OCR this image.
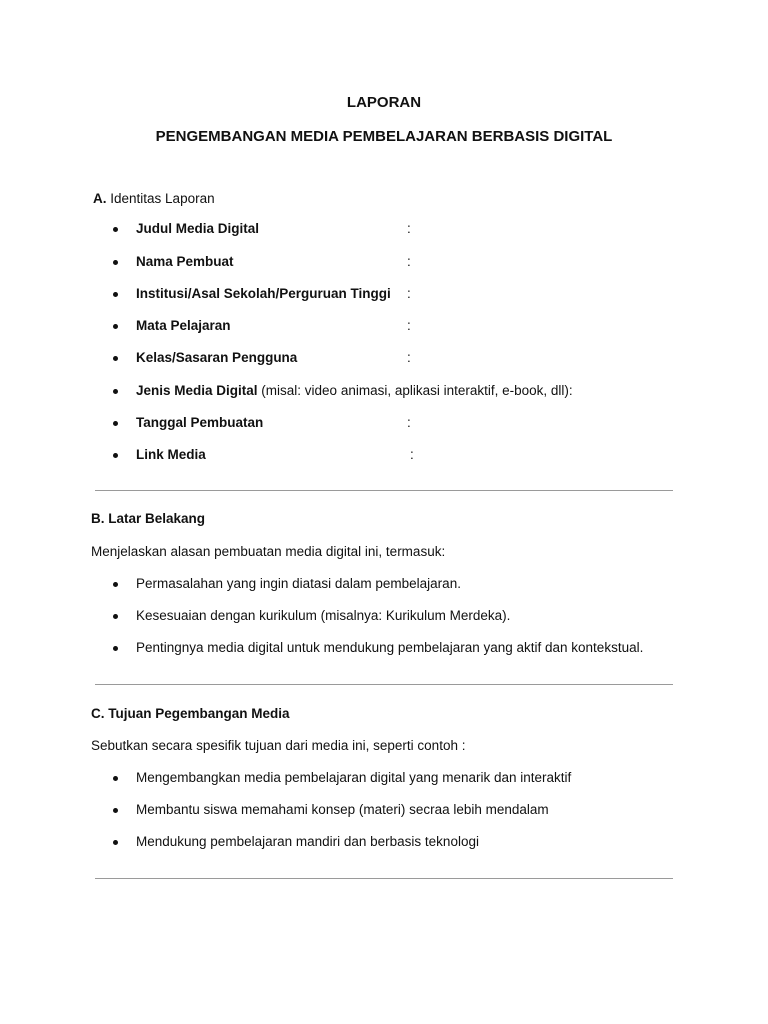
LAPORAN
PENGEMBANGAN MEDIA PEMBELAJARAN BERBASIS DIGITAL
A. Identitas Laporan
Judul Media Digital	:
Nama Pembuat	:
Institusi/Asal Sekolah/Perguruan Tinggi :
Mata Pelajaran	:
Kelas/Sasaran Pengguna	:
Jenis Media Digital (misal: video animasi, aplikasi interaktif, e-book, dll):
Tanggal Pembuatan	:
Link Media	:
B. Latar Belakang
Menjelaskan alasan pembuatan media digital ini, termasuk:
Permasalahan yang ingin diatasi dalam pembelajaran.
Kesesuaian dengan kurikulum (misalnya: Kurikulum Merdeka).
Pentingnya media digital untuk mendukung pembelajaran yang aktif dan kontekstual.
C. Tujuan Pegembangan Media
Sebutkan secara spesifik tujuan dari media ini, seperti contoh :
Mengembangkan media pembelajaran digital yang menarik dan interaktif
Membantu siswa memahami konsep (materi) secraa lebih mendalam
Mendukung pembelajaran mandiri dan berbasis teknologi
